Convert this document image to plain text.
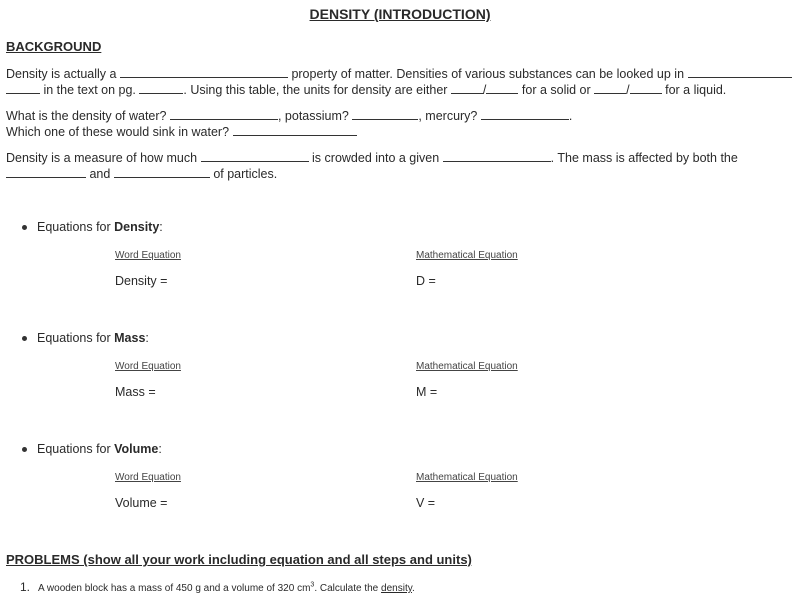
DENSITY (INTRODUCTION)
BACKGROUND
Density is actually a	property of matter. Densities of various substances can be looked up in
in the text on pg.	. Using this table, the units for density are either	/	for a solid or	/	for a liquid.
What is the density of water?	, potassium?	, mercury?	.
Which one of these would sink in water?
Density is a measure of how much	is crowded into a given	. The mass is affected by both the
and	of particles.
Equations for Density:
Word Equation	Mathematical Equation
Density =	D =
Equations for Mass:
Word Equation	Mathematical Equation
Mass =	M =
Equations for Volume:
Word Equation	Mathematical Equation
Volume =	V =
PROBLEMS (show all your work including equation and all steps and units)
1. A wooden block has a mass of 450 g and a volume of 320 $cm^3$. Calculate the density.
